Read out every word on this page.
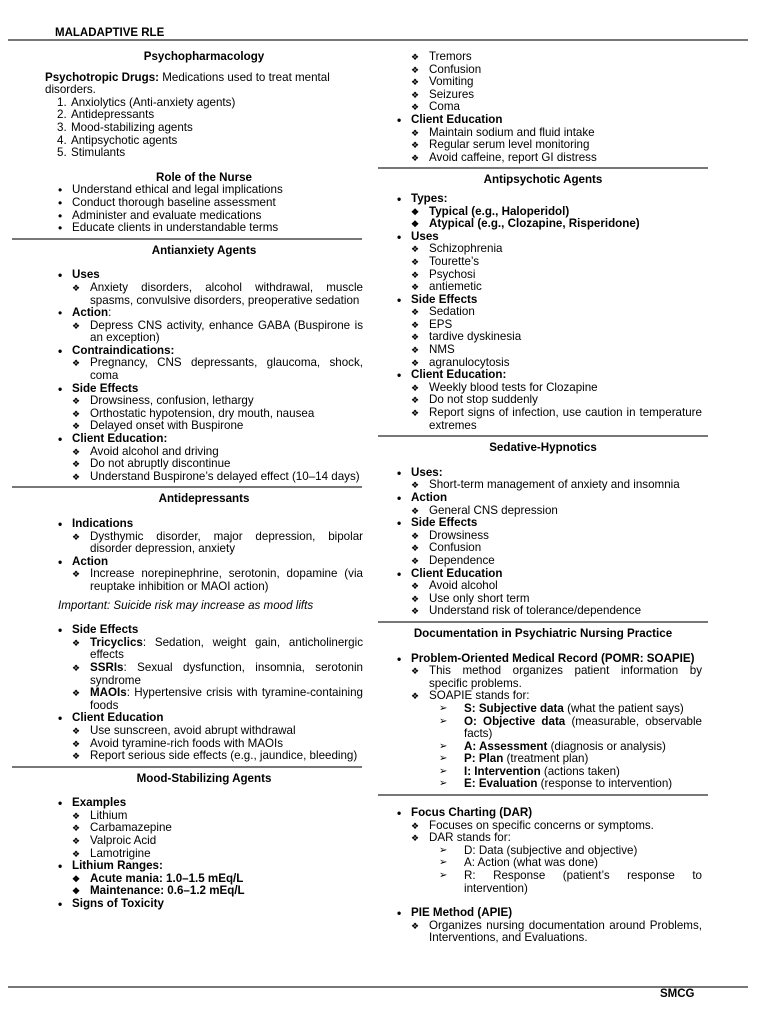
MALADAPTIVE RLE
Psychopharmacology
Psychotropic Drugs: Medications used to treat mental disorders.
1. Anxiolytics (Anti-anxiety agents)
2. Antidepressants
3. Mood-stabilizing agents
4. Antipsychotic agents
5. Stimulants
Role of the Nurse
• Understand ethical and legal implications
• Conduct thorough baseline assessment
• Administer and evaluate medications
• Educate clients in understandable terms
Antianxiety Agents
• Uses
❖ Anxiety disorders, alcohol withdrawal, muscle spasms, convulsive disorders, preoperative sedation
• Action:
❖ Depress CNS activity, enhance GABA (Buspirone is an exception)
• Contraindications:
❖ Pregnancy, CNS depressants, glaucoma, shock, coma
• Side Effects
❖ Drowsiness, confusion, lethargy
❖ Orthostatic hypotension, dry mouth, nausea
❖ Delayed onset with Buspirone
• Client Education:
❖ Avoid alcohol and driving
❖ Do not abruptly discontinue
❖ Understand Buspirone’s delayed effect (10–14 days)
Antidepressants
• Indications
❖ Dysthymic disorder, major depression, bipolar disorder depression, anxiety
• Action
❖ Increase norepinephrine, serotonin, dopamine (via reuptake inhibition or MAOI action)
Important: Suicide risk may increase as mood lifts
• Side Effects
❖ Tricyclics: Sedation, weight gain, anticholinergic effects
❖ SSRIs: Sexual dysfunction, insomnia, serotonin syndrome
❖ MAOIs: Hypertensive crisis with tyramine-containing foods
• Client Education
❖ Use sunscreen, avoid abrupt withdrawal
❖ Avoid tyramine-rich foods with MAOIs
❖ Report serious side effects (e.g., jaundice, bleeding)
Mood-Stabilizing Agents
• Examples
❖ Lithium
❖ Carbamazepine
❖ Valproic Acid
❖ Lamotrigine
• Lithium Ranges:
❖ Acute mania: 1.0–1.5 mEq/L
❖ Maintenance: 0.6–1.2 mEq/L
• Signs of Toxicity
❖ Tremors
❖ Confusion
❖ Vomiting
❖ Seizures
❖ Coma
• Client Education
❖ Maintain sodium and fluid intake
❖ Regular serum level monitoring
❖ Avoid caffeine, report GI distress
Antipsychotic Agents
• Types:
❖ Typical (e.g., Haloperidol)
❖ Atypical (e.g., Clozapine, Risperidone)
• Uses
❖ Schizophrenia
❖ Tourette’s
❖ Psychosi
❖ antiemetic
• Side Effects
❖ Sedation
❖ EPS
❖ tardive dyskinesia
❖ NMS
❖ agranulocytosis
• Client Education:
❖ Weekly blood tests for Clozapine
❖ Do not stop suddenly
❖ Report signs of infection, use caution in temperature extremes
Sedative-Hypnotics
• Uses:
❖ Short-term management of anxiety and insomnia
• Action
❖ General CNS depression
• Side Effects
❖ Drowsiness
❖ Confusion
❖ Dependence
• Client Education
❖ Avoid alcohol
❖ Use only short term
❖ Understand risk of tolerance/dependence
Documentation in Psychiatric Nursing Practice
• Problem-Oriented Medical Record (POMR: SOAPIE)
❖ This method organizes patient information by specific problems.
❖ SOAPIE stands for:
➢ S: Subjective data (what the patient says)
➢ O: Objective data (measurable, observable facts)
➢ A: Assessment (diagnosis or analysis)
➢ P: Plan (treatment plan)
➢ I: Intervention (actions taken)
➢ E: Evaluation (response to intervention)
• Focus Charting (DAR)
❖ Focuses on specific concerns or symptoms.
❖ DAR stands for:
➢ D: Data (subjective and objective)
➢ A: Action (what was done)
➢ R: Response (patient’s response to intervention)
• PIE Method (APIE)
❖ Organizes nursing documentation around Problems, Interventions, and Evaluations.
SMCG
